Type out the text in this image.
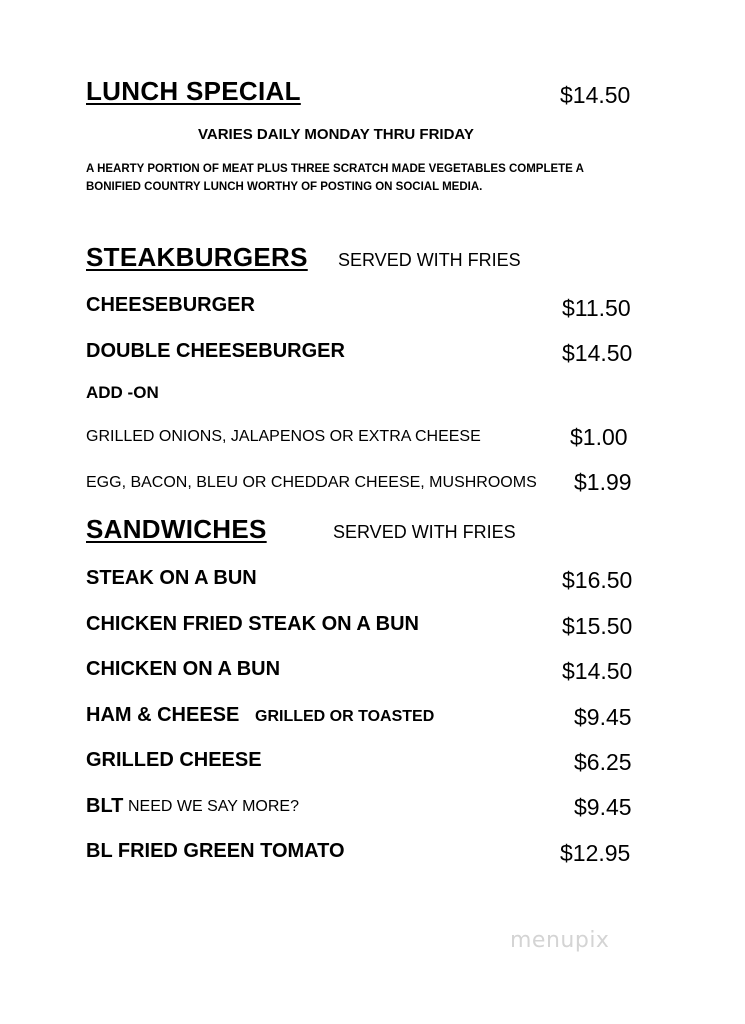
LUNCH SPECIAL	$14.50
VARIES DAILY MONDAY THRU FRIDAY
A HEARTY PORTION OF MEAT PLUS THREE SCRATCH MADE VEGETABLES COMPLETE A
BONIFIED COUNTRY LUNCH WORTHY OF POSTING ON SOCIAL MEDIA.
STEAKBURGERS SERVED WITH FRIES
CHEESEBURGER	$11.50
DOUBLE CHEESEBURGER	$14.50
ADD -ON
GRILLED ONIONS, JALAPENOS OR EXTRA CHEESE	$1.00
EGG, BACON, BLEU OR CHEDDAR CHEESE, MUSHROOMS $1.99
SANDWICHES	SERVED WITH FRIES
STEAK ON A BUN	$16.50
CHICKEN FRIED STEAK ON A BUN	$15.50
CHICKEN ON A BUN	$14.50
HAM & CHEESE GRILLED OR TOASTED	$9.45
GRILLED CHEESE	$6.25
BLT NEED WE SAY MORE?	$9.45
BL FRIED GREEN TOMATO	$12.95
menupix
